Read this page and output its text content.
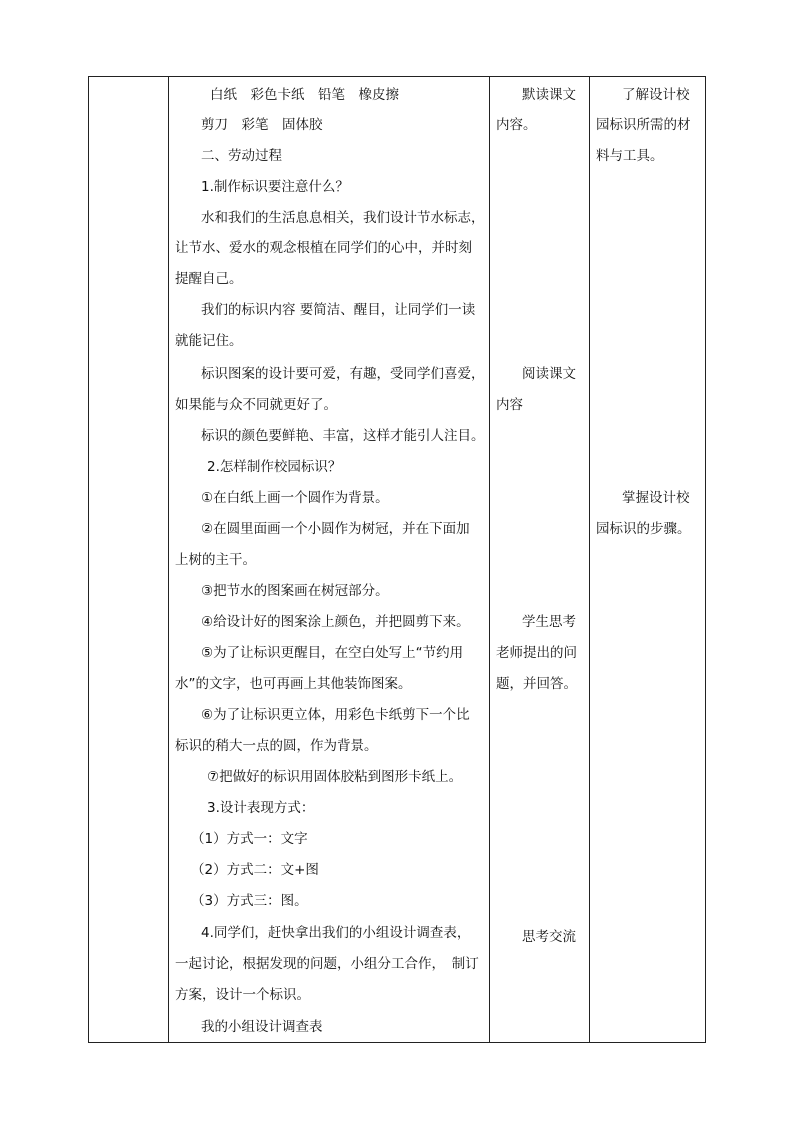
白纸　彩色卡纸　铅笔　橡皮擦
剪刀　彩笔　固体胶
二、劳动过程
1.制作标识要注意什么？
水和我们的生活息息相关，我们设计节水标志，
让节水、爱水的观念根植在同学们的心中，并时刻
提醒自己。
我们的标识内容 要简洁、醒目，让同学们一读
就能记住。
标识图案的设计要可爱，有趣，受同学们喜爱，
如果能与众不同就更好了。
标识的颜色要鲜艳、丰富，这样才能引人注目。
2.怎样制作校园标识？
①在白纸上画一个圆作为背景。
②在圆里面画一个小圆作为树冠，并在下面加
上树的主干。
③把节水的图案画在树冠部分。
④给设计好的图案涂上颜色，并把圆剪下来。
⑤为了让标识更醒目，在空白处写上“节约用
水”的文字，也可再画上其他装饰图案。
⑥为了让标识更立体，用彩色卡纸剪下一个比
标识的稍大一点的圆，作为背景。
⑦把做好的标识用固体胶粘到图形卡纸上。
3.设计表现方式：
（1）方式一：文字
（2）方式二：文+图
（3）方式三：图。
4.同学们，赶快拿出我们的小组设计调查表，
一起讨论，根据发现的问题，小组分工合作，　制订
方案，设计一个标识。
我的小组设计调查表
默读课文
内容。
阅读课文
内容
学生思考
老师提出的问
题，并回答。
思考交流
了解设计校
园标识所需的材
料与工具。
掌握设计校
园标识的步骤。
